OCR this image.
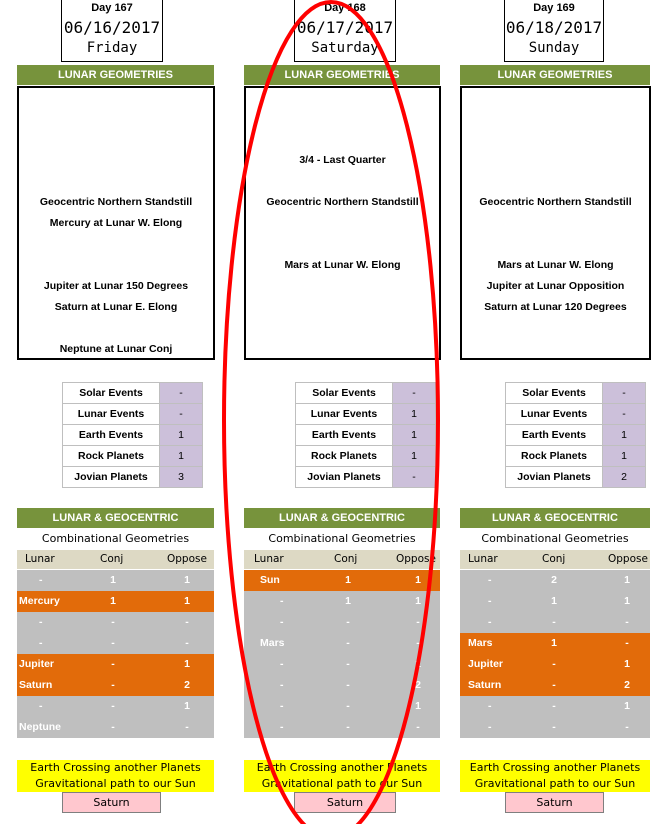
Day 167
06/16/2017
Friday
LUNAR GEOMETRIES
Geocentric Northern Standstill
Mercury at Lunar W. Elong
Jupiter at Lunar 150 Degrees
Saturn at Lunar E. Elong
Neptune at Lunar Conj
Solar Events	-
Lunar Events	-
Earth Events	1
Rock Planets	1
Jovian Planets	3
LUNAR & GEOCENTRIC
Combinational Geometries
Lunar	Conj	Oppose
-	1	1
Mercury	1	1
-	-	-
-	-	-
Jupiter	-	1
Saturn	-	2
-	-	1
Neptune	-	-
Earth Crossing another Planets
Gravitational path to our Sun
Saturn
Day 168
06/17/2017
Saturday
LUNAR GEOMETRIES
3/4 - Last Quarter
Geocentric Northern Standstill
Mars at Lunar W. Elong
Solar Events	-
Lunar Events	1
Earth Events	1
Rock Planets	1
Jovian Planets	-
LUNAR & GEOCENTRIC
Combinational Geometries
Lunar	Conj	Oppose
Sun	1	1
-	1	1
-	-	-
Mars	-	-
-	-	1
-	-	2
-	-	1
-	-	-
Earth Crossing another Planets
Gravitational path to our Sun
Saturn
Day 169
06/18/2017
Sunday
LUNAR GEOMETRIES
Geocentric Northern Standstill
Mars at Lunar W. Elong
Jupiter at Lunar Opposition
Saturn at Lunar 120 Degrees
Solar Events	-
Lunar Events	-
Earth Events	1
Rock Planets	1
Jovian Planets	2
LUNAR & GEOCENTRIC
Combinational Geometries
Lunar	Conj	Oppose
-	2	1
-	1	1
-	-	-
Mars	1	-
Jupiter	-	1
Saturn	-	2
-	-	1
-	-	-
Earth Crossing another Planets
Gravitational path to our Sun
Saturn
